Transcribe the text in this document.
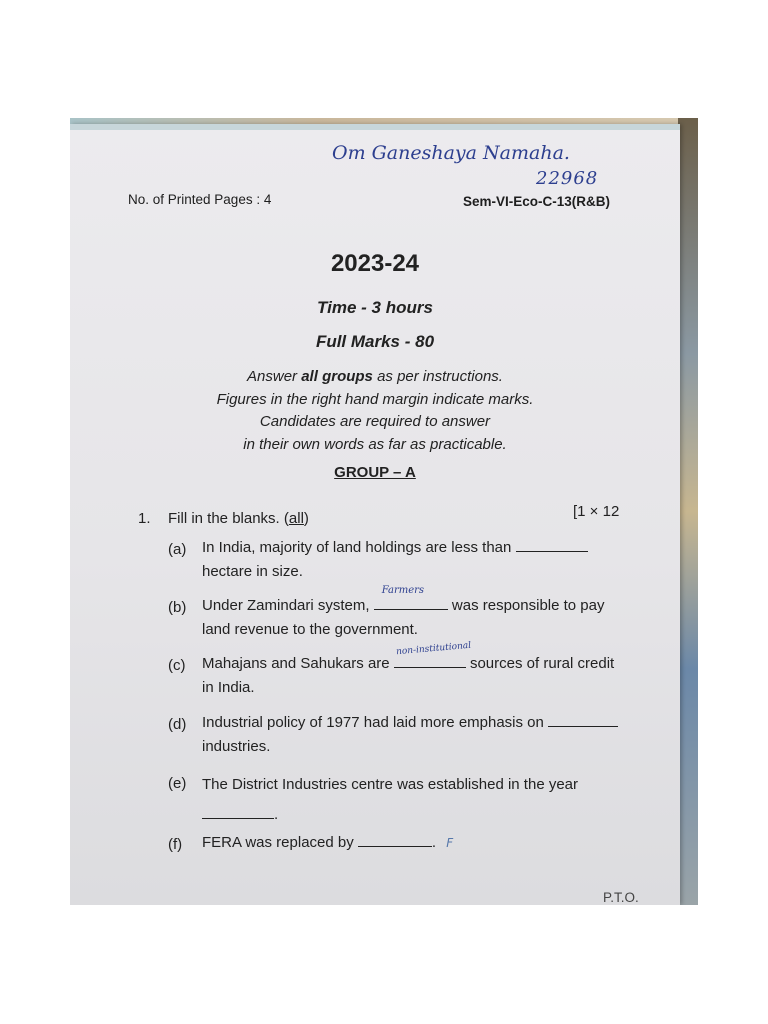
Om Ganeshaya Namaha.
22968
No. of Printed Pages : 4	Sem-VI-Eco-C-13(R&B)
2023-24
Time - 3 hours
Full Marks - 80
Answer all groups as per instructions.
Figures in the right hand margin indicate marks.
Candidates are required to answer
in their own words as far as practicable.
GROUP – A
1. Fill in the blanks. (all)	[1 × 12
(a) In India, majority of land holdings are less than
hectare in size.
(b) Under Zamindari system,
Farmers
was responsible to pay
land revenue to the government.
(c) Mahajans and Sahukars are
non-institutional
sources of rural credit
in India.
(d) Industrial policy of 1977 had laid more emphasis on
industries.
(e) The District Industries centre was established in the year
.
(f) FERA was replaced by	. F
P.T.O.
